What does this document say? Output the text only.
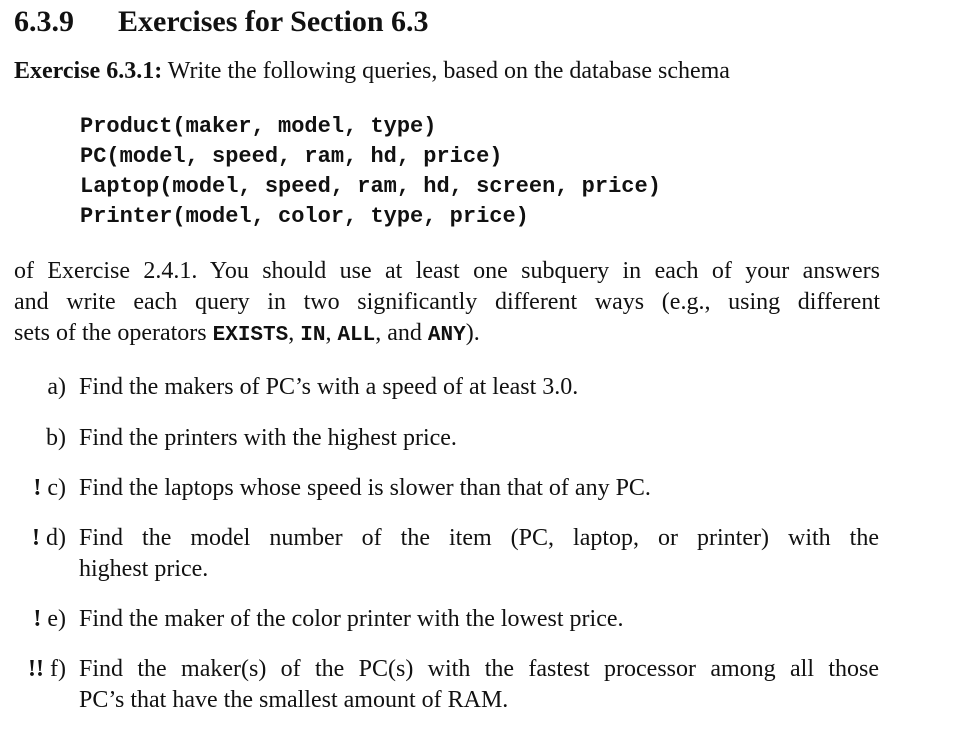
6.3.9 Exercises for Section 6.3
Exercise 6.3.1: Write the following queries, based on the database schema
Product(maker, model, type)
PC(model, speed, ram, hd, price)
Laptop(model, speed, ram, hd, screen, price)
Printer(model, color, type, price)
of Exercise 2.4.1. You should use at least one subquery in each of your answers
and write each query in two significantly different ways (e.g., using different
sets of the operators EXISTS, IN, ALL, and ANY).
a) Find the makers of PC’s with a speed of at least 3.0.
b) Find the printers with the highest price.
! c) Find the laptops whose speed is slower than that of any PC.
! d) Find the model number of the item (PC, laptop, or printer) with the
highest price.
! e) Find the maker of the color printer with the lowest price.
!! f) Find the maker(s) of the PC(s) with the fastest processor among all those
PC’s that have the smallest amount of RAM.
